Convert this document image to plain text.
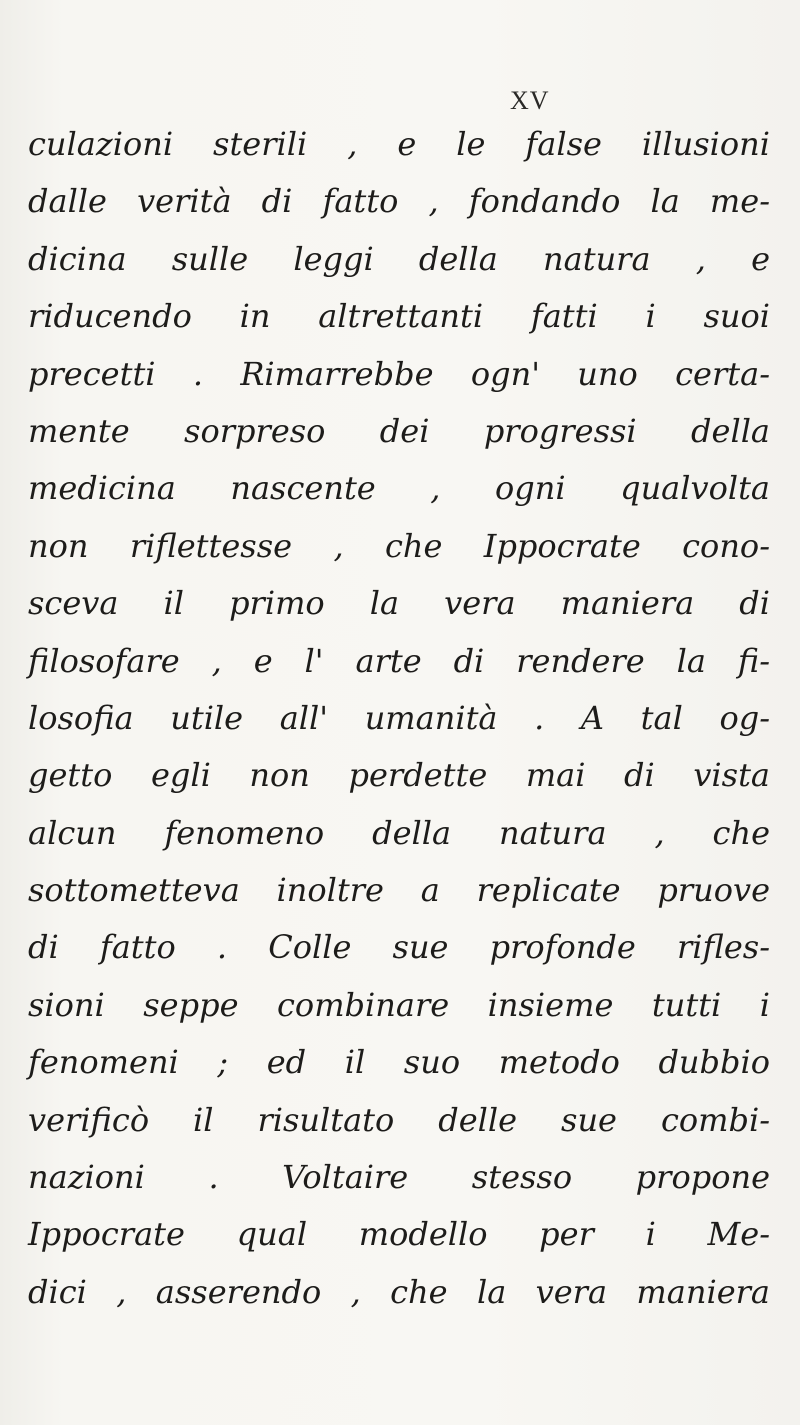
XV
culazioni sterili , e le false illusioni
dalle verità di fatto , fondando la me-
dicina sulle leggi della natura , e
riducendo in altrettanti fatti i suoi
precetti . Rimarrebbe ogn' uno certa-
mente sorpreso dei progressi della
medicina nascente , ogni qualvolta
non riflettesse , che Ippocrate cono-
sceva il primo la vera maniera di
filosofare , e l' arte di rendere la fi-
losofia utile all' umanità . A tal og-
getto egli non perdette mai di vista
alcun fenomeno della natura , che
sottometteva inoltre a replicate pruove
di fatto . Colle sue profonde rifles-
sioni seppe combinare insieme tutti i
fenomeni ; ed il suo metodo dubbio
verificò il risultato delle sue combi-
nazioni . Voltaire stesso propone
Ippocrate qual modello per i Me-
dici , asserendo , che la vera maniera
